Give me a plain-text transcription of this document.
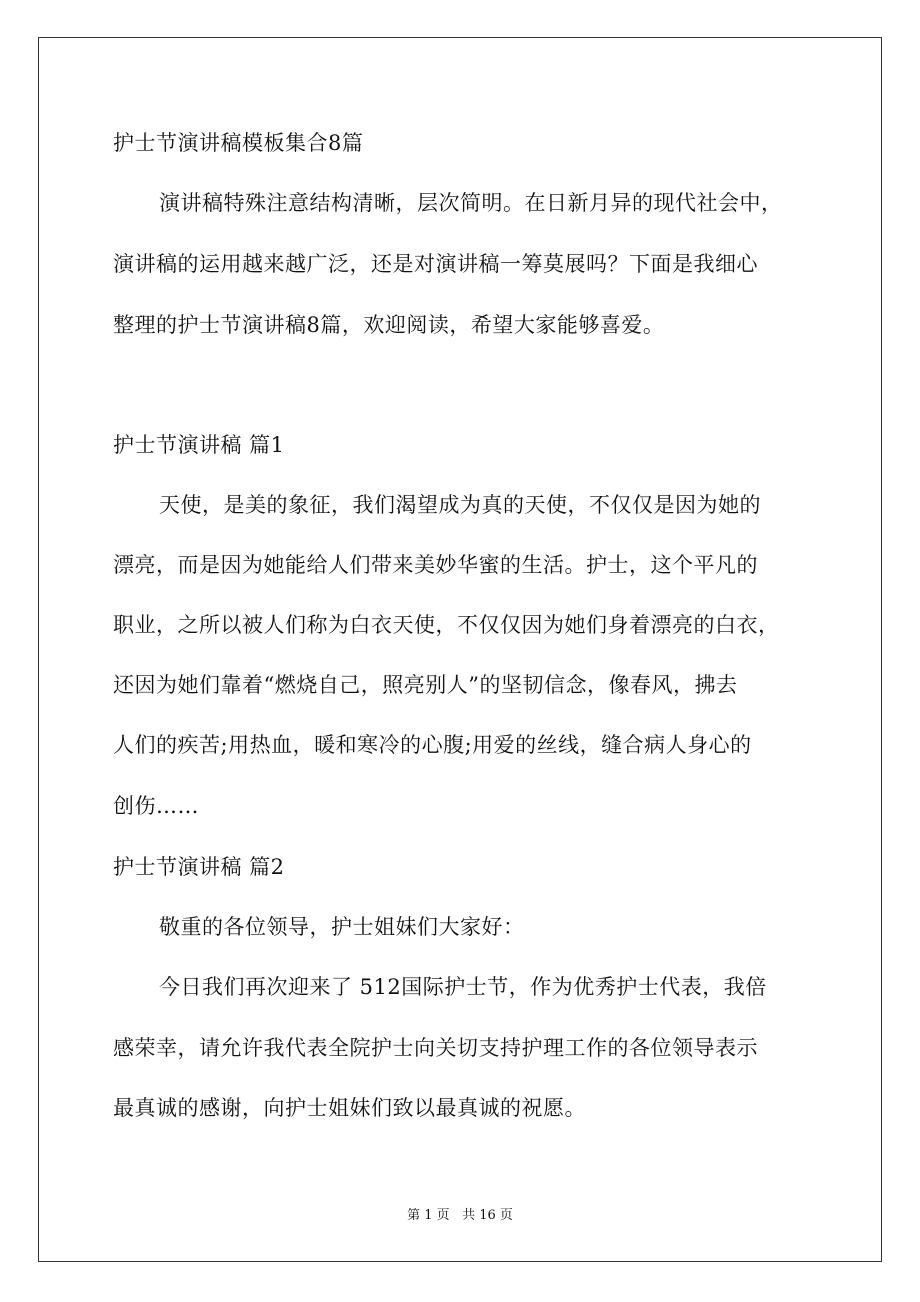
护士节演讲稿模板集合8篇
演讲稿特殊注意结构清晰，层次简明。在日新月异的现代社会中，
演讲稿的运用越来越广泛，还是对演讲稿一筹莫展吗？下面是我细心
整理的护士节演讲稿8篇，欢迎阅读，希望大家能够喜爱。
护士节演讲稿 篇1
天使，是美的象征，我们渴望成为真的天使，不仅仅是因为她的
漂亮，而是因为她能给人们带来美妙华蜜的生活。护士，这个平凡的
职业，之所以被人们称为白衣天使，不仅仅因为她们身着漂亮的白衣，
还因为她们靠着“燃烧自己，照亮别人”的坚韧信念，像春风，拂去
人们的疾苦;用热血，暖和寒冷的心腹;用爱的丝线，缝合病人身心的
创伤……
护士节演讲稿 篇2
敬重的各位领导，护士姐妹们大家好：
今日我们再次迎来了 512国际护士节，作为优秀护士代表，我倍
感荣幸，请允许我代表全院护士向关切支持护理工作的各位领导表示
最真诚的感谢，向护士姐妹们致以最真诚的祝愿。
第 1 页 共 16 页
